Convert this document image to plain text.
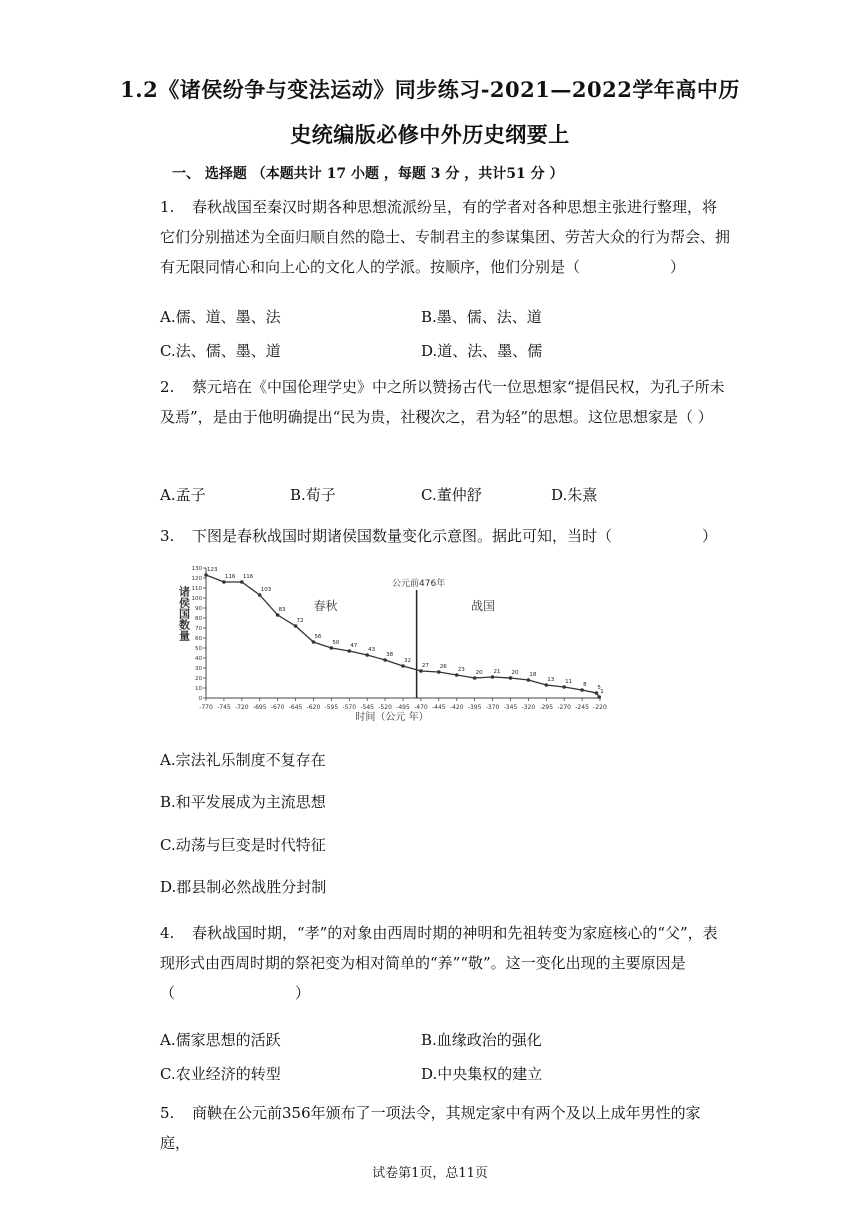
1.2《诸侯纷争与变法运动》同步练习-2021—2022学年高中历
史统编版必修中外历史纲要上
一、 选择题 （本题共计 17 小题 ，每题 3 分 ，共计51 分 ）
1. 春秋战国至秦汉时期各种思想流派纷呈，有的学者对各种思想主张进行整理，将它们分别描述为全面归顺自然的隐士、专制君主的参谋集团、劳苦大众的行为帮会、拥有无限同情心和向上心的文化人的学派。按顺序，他们分别是（　　　　　　）
A.儒、道、墨、法	B.墨、儒、法、道
C.法、儒、墨、道	D.道、法、墨、儒
2. 蔡元培在《中国伦理学史》中之所以赞扬古代一位思想家“提倡民权，为孔子所未及焉”，是由于他明确提出“民为贵，社稷次之，君为轻”的思想。这位思想家是（ ）
A.孟子	B.荀子	C.董仲舒	D.朱熹
3. 下图是春秋战国时期诸侯国数量变化示意图。据此可知，当时（　　　　　　）
0
10
20
30
40
50
60
70
80
90
100
110
120
130
-770 -745 -720 -695 -670 -645 -620 -595 -570 -545 -520 -495 -470 -445 -420 -395 -370 -345 -320 -295 -270 -245 -220
123
116 116
103
83
72
56
50 47
43
38
32
27 26 23 20 21 20 18
13 11 8 5
1
诸侯国数量
时间（公元 年）
公元前476年
春秋	战国
A.宗法礼乐制度不复存在
B.和平发展成为主流思想
C.动荡与巨变是时代特征
D.郡县制必然战胜分封制
4. 春秋战国时期，“孝”的对象由西周时期的神明和先祖转变为家庭核心的“父”，表现形式由西周时期的祭祀变为相对简单的“养”“敬”。这一变化出现的主要原因是（　　　　　　　　）
A.儒家思想的活跃	B.血缘政治的强化
C.农业经济的转型	D.中央集权的建立
5. 商鞅在公元前356年颁布了一项法令，其规定家中有两个及以上成年男性的家庭，
试卷第1页，总11页
